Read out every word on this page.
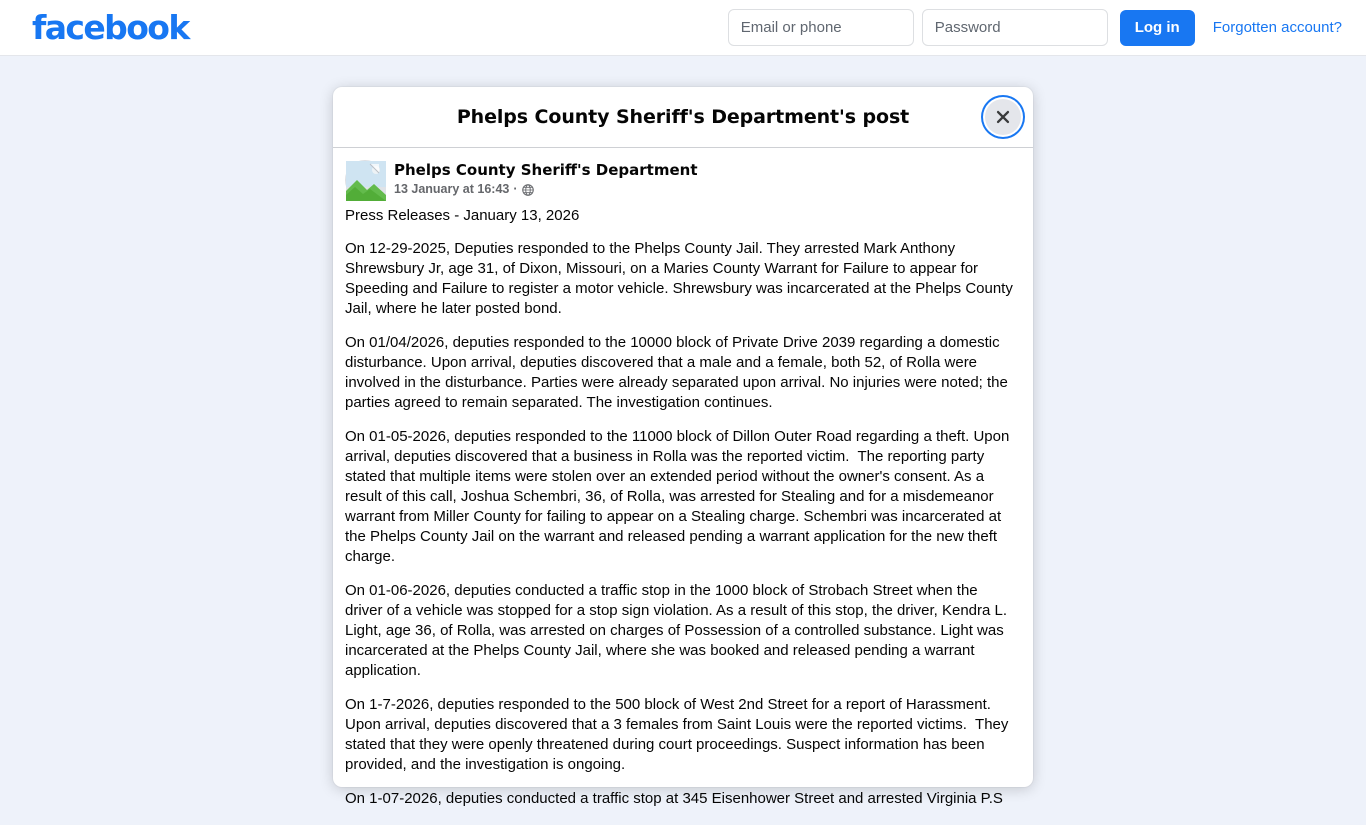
facebook
Email or phone	Log in	Forgotten account?
Phelps County Sheriff's Department's post
Phelps County Sheriff's Department
13 January at 16:43 ·

Press Releases - January 13, 2026

On 12-29-2025, Deputies responded to the Phelps County Jail. They arrested Mark Anthony Shrewsbury Jr, age 31, of Dixon, Missouri, on a Maries County Warrant for Failure to appear for Speeding and Failure to register a motor vehicle. Shrewsbury was incarcerated at the Phelps County Jail, where he later posted bond.

On 01/04/2026, deputies responded to the 10000 block of Private Drive 2039 regarding a domestic disturbance. Upon arrival, deputies discovered that a male and a female, both 52, of Rolla were involved in the disturbance. Parties were already separated upon arrival. No injuries were noted; the parties agreed to remain separated. The investigation continues.

On 01-05-2026, deputies responded to the 11000 block of Dillon Outer Road regarding a theft. Upon arrival, deputies discovered that a business in Rolla was the reported victim.  The reporting party stated that multiple items were stolen over an extended period without the owner's consent. As a result of this call, Joshua Schembri, 36, of Rolla, was arrested for Stealing and for a misdemeanor warrant from Miller County for failing to appear on a Stealing charge. Schembri was incarcerated at the Phelps County Jail on the warrant and released pending a warrant application for the new theft charge.

On 01-06-2026, deputies conducted a traffic stop in the 1000 block of Strobach Street when the driver of a vehicle was stopped for a stop sign violation. As a result of this stop, the driver, Kendra L. Light, age 36, of Rolla, was arrested on charges of Possession of a controlled substance. Light was incarcerated at the Phelps County Jail, where she was booked and released pending a warrant application.

On 1-7-2026, deputies responded to the 500 block of West 2nd Street for a report of Harassment. Upon arrival, deputies discovered that a 3 females from Saint Louis were the reported victims.  They stated that they were openly threatened during court proceedings. Suspect information has been provided, and the investigation is ongoing.

On 1-07-2026, deputies conducted a traffic stop at 345 Eisenhower Street and arrested Virginia P.S
